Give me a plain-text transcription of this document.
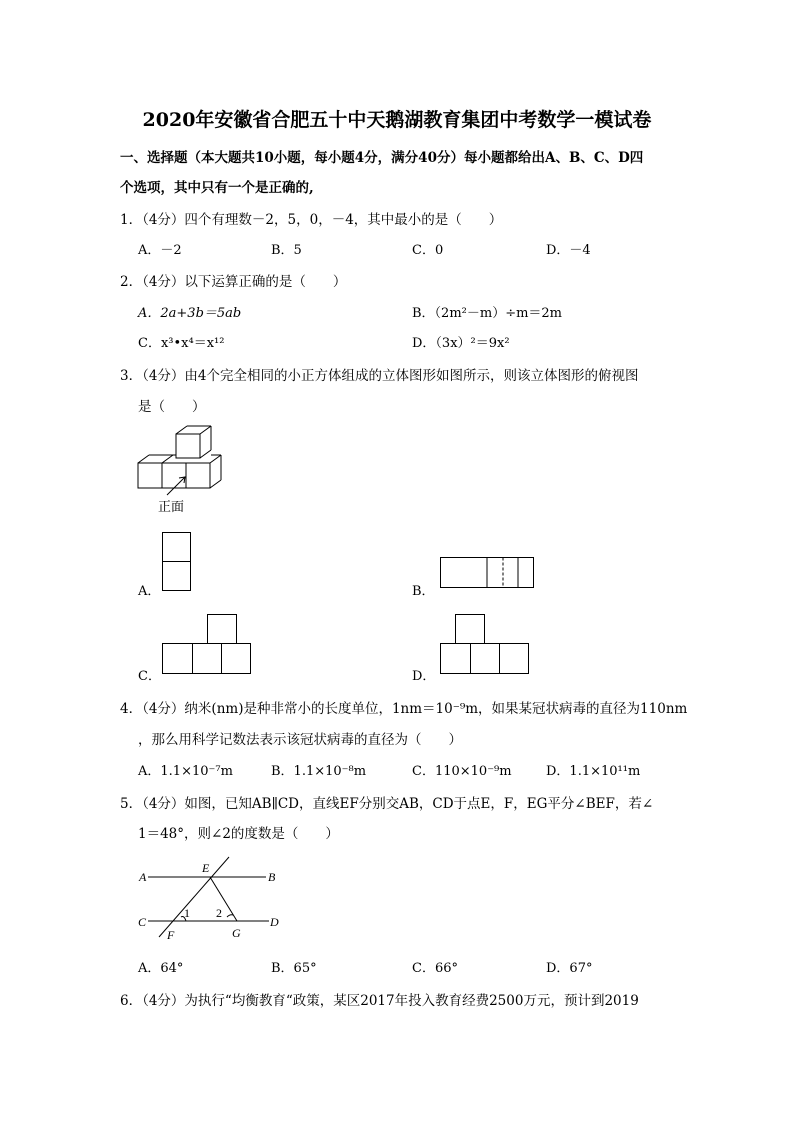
2020年安徽省合肥五十中天鹅湖教育集团中考数学一模试卷
一、选择题（本大题共10小题，每小题4分，满分40分）每小题都给出A、B、C、D四
个选项，其中只有一个是正确的,
1．（4分）四个有理数－2，5，0，－4，其中最小的是（　　）
A．－2	B．5	C．0	D．－4
2．（4分）以下运算正确的是（　　）
A．2a+3b＝5ab	B．（2m²－m）÷m＝2m
C．x³•x⁴＝x¹²	D．（3x）²＝9x²
3．（4分）由4个完全相同的小正方体组成的立体图形如图所示，则该立体图形的俯视图
是（　　）
正面
A．	B．
C．	D．
4．（4分）纳米(nm)是种非常小的长度单位，1nm＝10⁻⁹m，如果某冠状病毒的直径为110nm
，那么用科学记数法表示该冠状病毒的直径为（　　）
A．1.1×10⁻⁷m	B．1.1×10⁻⁸m	C．110×10⁻⁹m	D．1.1×10¹¹m
5．（4分）如图，已知AB∥CD，直线EF分别交AB，CD于点E，F，EG平分∠BEF，若∠
1＝48°，则∠2的度数是（　　）
A
E
B
C
1 2
D
F	G
A．64°	B．65°	C．66°	D．67°
6．（4分）为执行“均衡教育“政策，某区2017年投入教育经费2500万元，预计到2019
